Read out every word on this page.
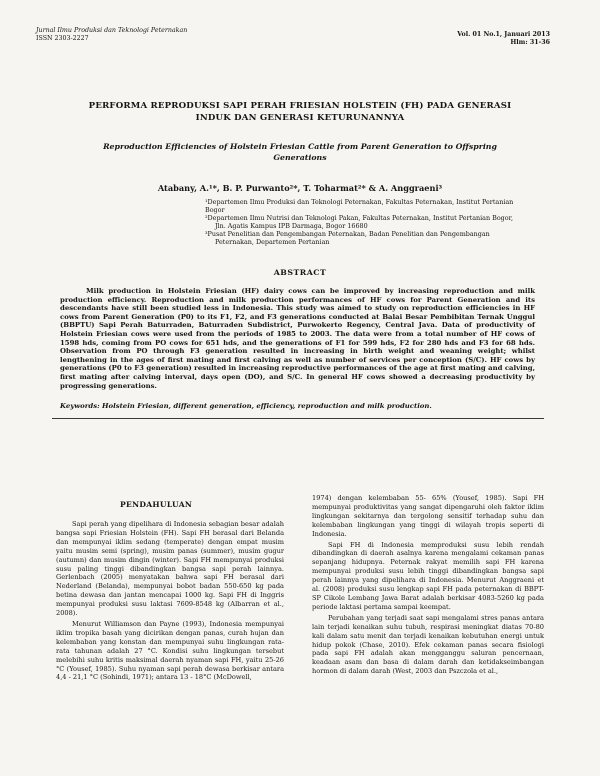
Jurnal Ilmu Produksi dan Teknologi Peternakan
ISSN 2303-2227
Vol. 01 No.1, Januari 2013
Hlm: 31-36
PERFORMA REPRODUKSI SAPI PERAH FRIESIAN HOLSTEIN (FH) PADA GENERASI INDUK DAN GENERASI KETURUNANNYA
Reproduction Efficiencies of Holstein Friesian Cattle from Parent Generation to Offspring Generations
Atabany, A.¹*, B. P. Purwanto²*, T. Toharmat²* & A. Anggraeni³

¹Departemen Ilmu Produksi dan Teknologi Peternakan, Fakultas Peternakan, Institut Pertanian Bogor

²Departemen Ilmu Nutrisi dan Teknologi Pakan, Fakultas Peternakan, Institut Pertanian Bogor,

Jln. Agatis Kampus IPB Darmaga, Bogor 16680

³Pusat Penelitian dan Pengembangan Peternakan, Badan Penelitian dan Pengembangan

Peternakan, Departemen Pertanian

ABSTRACT

Milk production in Holstein Friesian (HF) dairy cows can be improved by increasing reproduction and milk production efficiency. Reproduction and milk production performances of HF cows for Parent Generation and its descendants have still been studied less in Indonesia. This study was aimed to study on reproduction efficiencies in HF cows from Parent Generation (P0) to its F1, F2, and F3 generations conducted at Balai Besar Pembibitan Ternak Unggul (BBPTU) Sapi Perah Baturraden, Baturraden Subdistrict, Purwokerto Regency, Central Java. Data of productivity of Holstein Friesian cows were used from the periods of 1985 to 2003. The data were from a total number of HF cows of 1598 hds, coming from PO cows for 651 hds, and the generations of F1 for 599 hds, F2 for 280 hds and F3 for 68 hds. Observation from PO through F3 generation resulted in increasing in birth weight and weaning weight; whilst lengthening in the ages of first mating and first calving as well as number of services per conception (S/C). HF cows by generations (P0 to F3 generation) resulted in increasing reproductive performances of the age at first mating and calving, first mating after calving interval, days open (DO), and S/C. In general HF cows showed a decreasing productivity by progressing generations.

Keywords: Holstein Friesian, different generation, efficiency, reproduction and milk production.
PENDAHULUAN

Sapi perah yang dipelihara di Indonesia sebagian besar adalah bangsa sapi Friesian Holstein (FH). Sapi FH berasal dari Belanda dan mempunyai iklim sedang (temperate) dengan empat musim yaitu musim semi (spring), musim panas (summer), musim gugur (autumn) dan musim dingin (winter). Sapi FH mempunyai produksi susu paling tinggi dibandingkan bangsa sapi perah lainnya. Gerlenbach (2005) menyatakan bahwa sapi FH berasal dari Nederland (Belanda), mempunyai bobot badan 550-650 kg pada betina dewasa dan jantan mencapai 1000 kg. Sapi FH di Inggris mempunyai produksi susu laktasi 7609-8548 kg (Albarran et al., 2008).

Menurut Williamson dan Payne (1993), Indonesia mempunyai iklim tropika basah yang dicirikan dengan panas, curah hujan dan kelembaban yang konstan dan mempunyai suhu lingkungan rata-rata tahunan adalah 27 °C. Kondisi suhu lingkungan tersebut melebihi suhu kritis maksimal daerah nyaman sapi FH, yaitu 25-26 °C (Yousef, 1985). Suhu nyaman sapi perah dewasa berkisar antara 4,4 - 21,1 °C (Sohindi, 1971); antara 13 - 18°C (McDowell,

1974) dengan kelembaban 55- 65% (Yousef, 1985). Sapi FH mempunyai produktivitas yang sangat dipengaruhi oleh faktor iklim lingkungan sekitarnya dan tergolong sensitif terhadap suhu dan kelembaban lingkungan yang tinggi di wilayah tropis seperti di Indonesia.

Sapi FH di Indonesia memproduksi susu lebih rendah dibandingkan di daerah asalnya karena mengalami cekaman panas sepanjang hidupnya. Peternak rakyat memilih sapi FH karena mempunyai produksi susu lebih tinggi dibandingkan bangsa sapi perah lainnya yang dipelihara di Indonesia. Menurut Anggraeni et al. (2008) produksi susu lengkap sapi FH pada peternakan di BBPT-SP Cikole Lembang Jawa Barat adalah berkisar 4083-5260 kg pada periode laktasi pertama sampai keempat.

Perubahan yang terjadi saat sapi mengalami stres panas antara lain terjadi kenaikan suhu tubuh, respirasi meningkat diatas 70-80 kali dalam satu menit dan terjadi kenaikan kebutuhan energi untuk hidup pokok (Chase, 2010). Efek cekaman panas secara fisiologi pada sapi FH adalah akan mengganggu saluran pencernaan, keadaan asam dan basa di dalam darah dan ketidakseimbangan hormon di dalam darah (West, 2003 dan Pszczola et al.,
